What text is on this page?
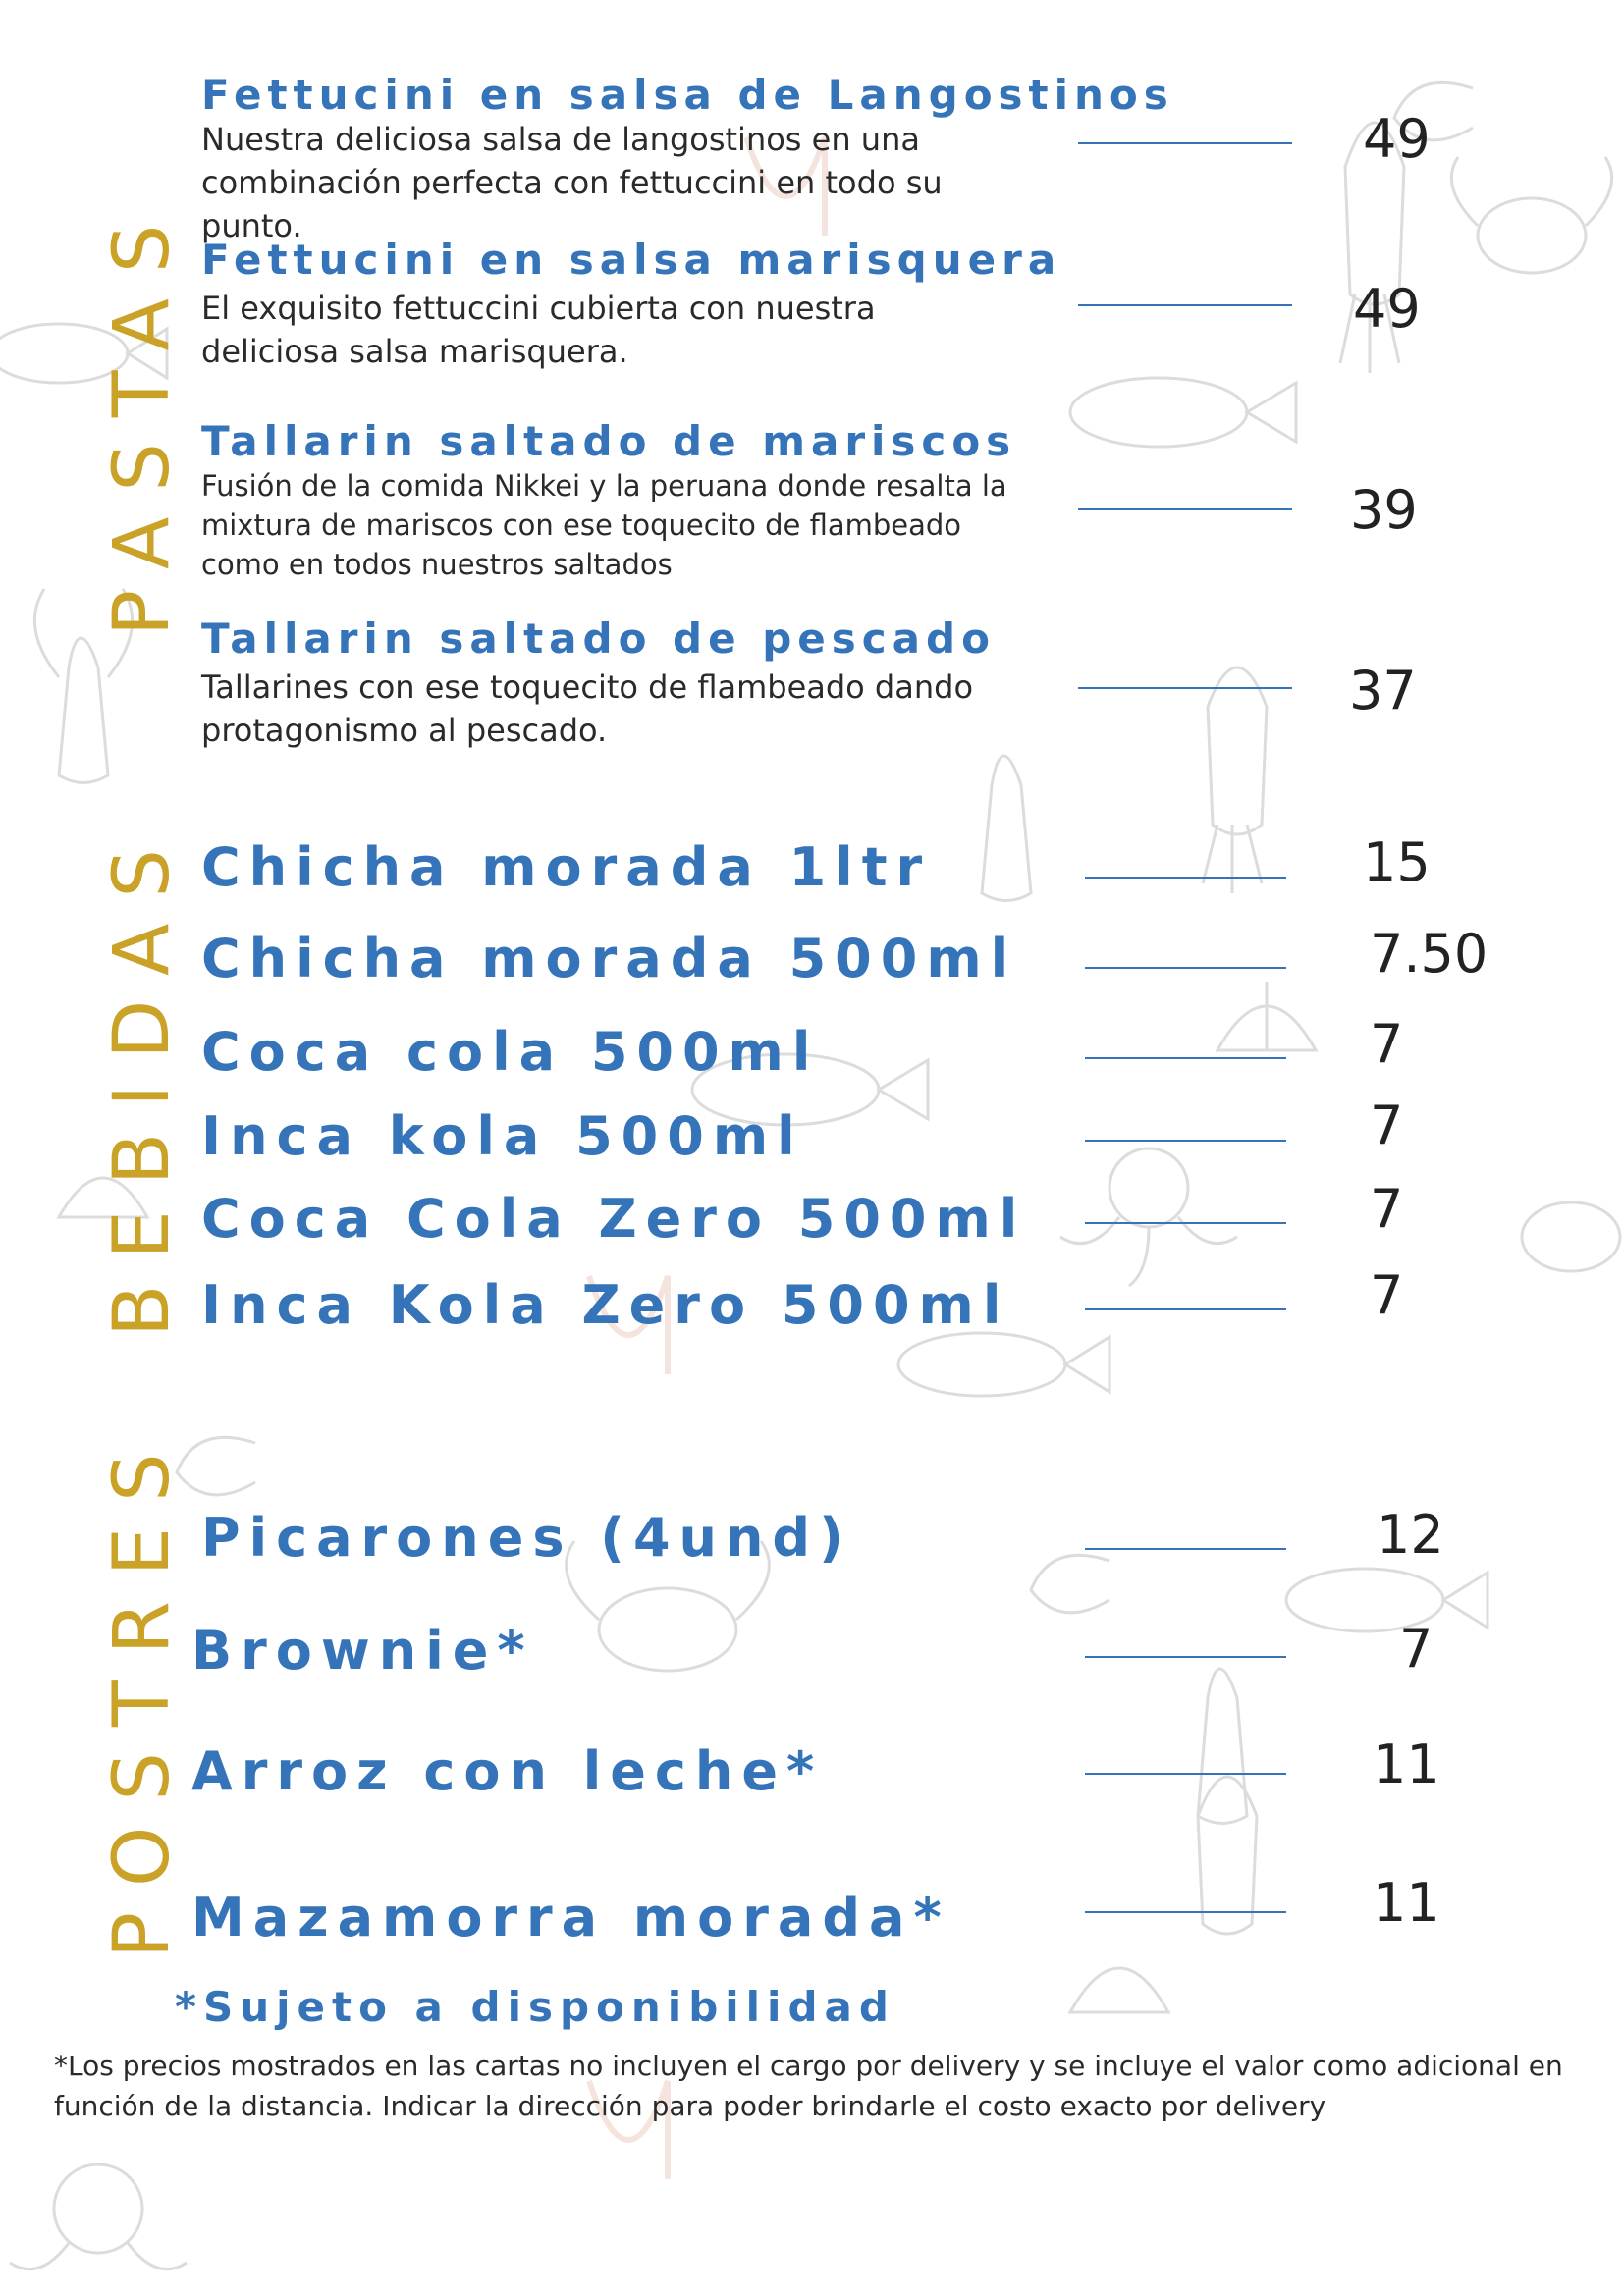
PASTAS
BEBIDAS
POSTRES
Fettucini en salsa de Langostinos
Nuestra deliciosa salsa de langostinos en una combinación perfecta con fettuccini en todo su punto.
49
Fettucini en salsa marisquera
El exquisito fettuccini cubierta con nuestra deliciosa salsa marisquera.
49
Tallarin saltado de mariscos
Fusión de la comida Nikkei y la peruana donde resalta la mixtura de mariscos con ese toquecito de flambeado como en todos nuestros saltados
39
Tallarin saltado de pescado
Tallarines con ese toquecito de flambeado dando protagonismo al pescado.
37
Chicha morada 1ltr	15
Chicha morada 500ml	7.50
Coca cola 500ml	7
Inca kola 500ml	7
Coca Cola Zero 500ml	7
Inca Kola Zero 500ml	7
Picarones (4und)	12
Brownie*	7
Arroz con leche*	11
Mazamorra morada*	11
*Sujeto a disponibilidad
*Los precios mostrados en las cartas no incluyen el cargo por delivery y se incluye el valor como adicional en función de la distancia. Indicar la dirección para poder brindarle el costo exacto por delivery
